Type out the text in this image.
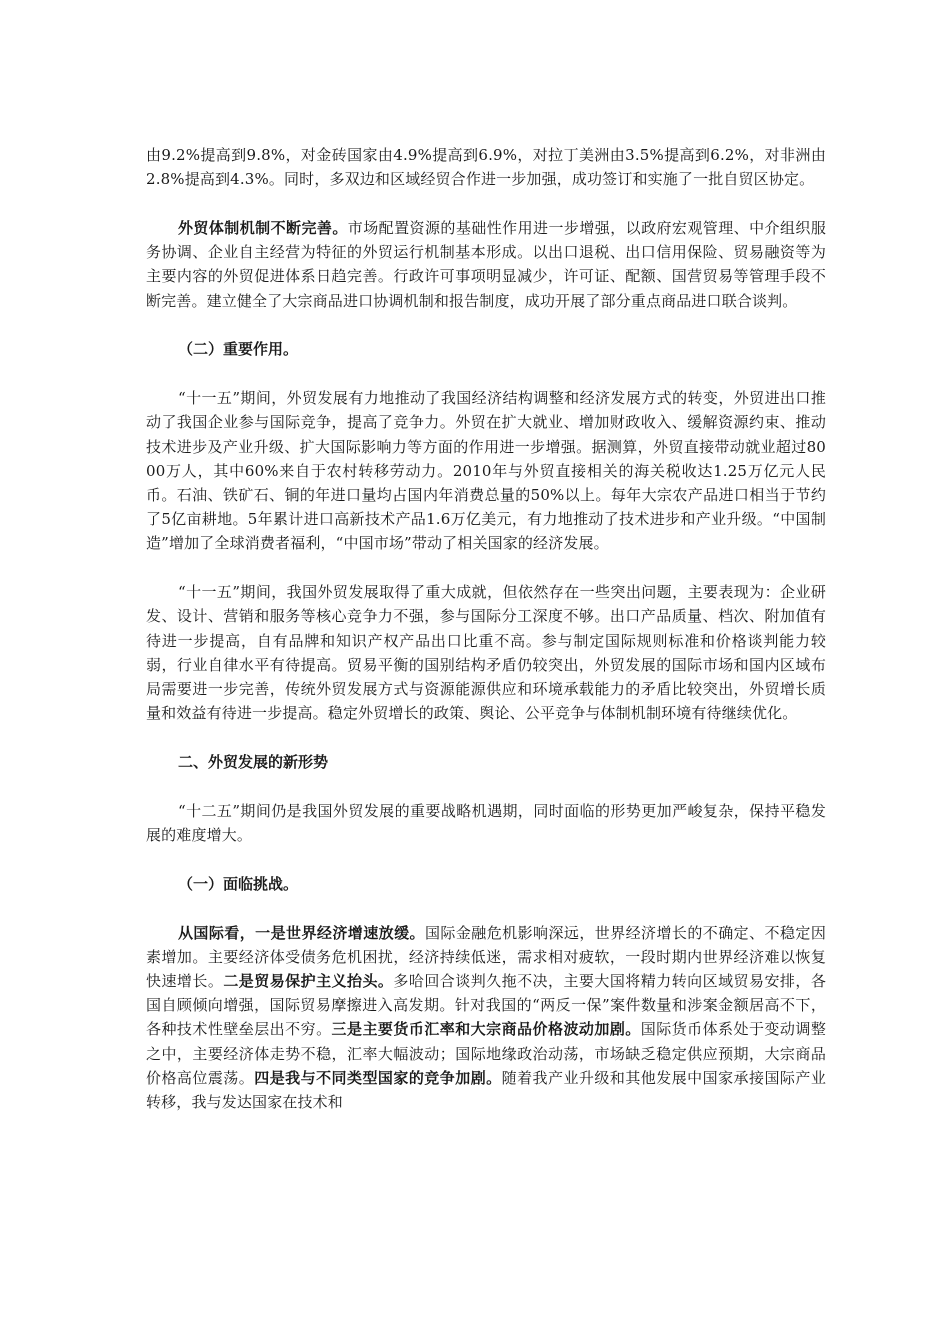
由9.2%提高到9.8%，对金砖国家由4.9%提高到6.9%，对拉丁美洲由3.5%提高到6.2%，对非洲由2.8%提高到4.3%。同时，多双边和区域经贸合作进一步加强，成功签订和实施了一批自贸区协定。

外贸体制机制不断完善。市场配置资源的基础性作用进一步增强，以政府宏观管理、中介组织服务协调、企业自主经营为特征的外贸运行机制基本形成。以出口退税、出口信用保险、贸易融资等为主要内容的外贸促进体系日趋完善。行政许可事项明显减少，许可证、配额、国营贸易等管理手段不断完善。建立健全了大宗商品进口协调机制和报告制度，成功开展了部分重点商品进口联合谈判。

（二）重要作用。

“十一五”期间，外贸发展有力地推动了我国经济结构调整和经济发展方式的转变，外贸进出口推动了我国企业参与国际竞争，提高了竞争力。外贸在扩大就业、增加财政收入、缓解资源约束、推动技术进步及产业升级、扩大国际影响力等方面的作用进一步增强。据测算，外贸直接带动就业超过8000万人，其中60%来自于农村转移劳动力。2010年与外贸直接相关的海关税收达1.25万亿元人民币。石油、铁矿石、铜的年进口量均占国内年消费总量的50%以上。每年大宗农产品进口相当于节约了5亿亩耕地。5年累计进口高新技术产品1.6万亿美元，有力地推动了技术进步和产业升级。“中国制造”增加了全球消费者福利，“中国市场”带动了相关国家的经济发展。

“十一五”期间，我国外贸发展取得了重大成就，但依然存在一些突出问题，主要表现为：企业研发、设计、营销和服务等核心竞争力不强，参与国际分工深度不够。出口产品质量、档次、附加值有待进一步提高，自有品牌和知识产权产品出口比重不高。参与制定国际规则标准和价格谈判能力较弱，行业自律水平有待提高。贸易平衡的国别结构矛盾仍较突出，外贸发展的国际市场和国内区域布局需要进一步完善，传统外贸发展方式与资源能源供应和环境承载能力的矛盾比较突出，外贸增长质量和效益有待进一步提高。稳定外贸增长的政策、舆论、公平竞争与体制机制环境有待继续优化。

二、外贸发展的新形势

“十二五”期间仍是我国外贸发展的重要战略机遇期，同时面临的形势更加严峻复杂，保持平稳发展的难度增大。

（一）面临挑战。

从国际看，一是世界经济增速放缓。国际金融危机影响深远，世界经济增长的不确定、不稳定因素增加。主要经济体受债务危机困扰，经济持续低迷，需求相对疲软，一段时期内世界经济难以恢复快速增长。二是贸易保护主义抬头。多哈回合谈判久拖不决，主要大国将精力转向区域贸易安排，各国自顾倾向增强，国际贸易摩擦进入高发期。针对我国的“两反一保”案件数量和涉案金额居高不下，各种技术性壁垒层出不穷。三是主要货币汇率和大宗商品价格波动加剧。国际货币体系处于变动调整之中，主要经济体走势不稳，汇率大幅波动；国际地缘政治动荡，市场缺乏稳定供应预期，大宗商品价格高位震荡。四是我与不同类型国家的竞争加剧。随着我产业升级和其他发展中国家承接国际产业转移，我与发达国家在技术和
